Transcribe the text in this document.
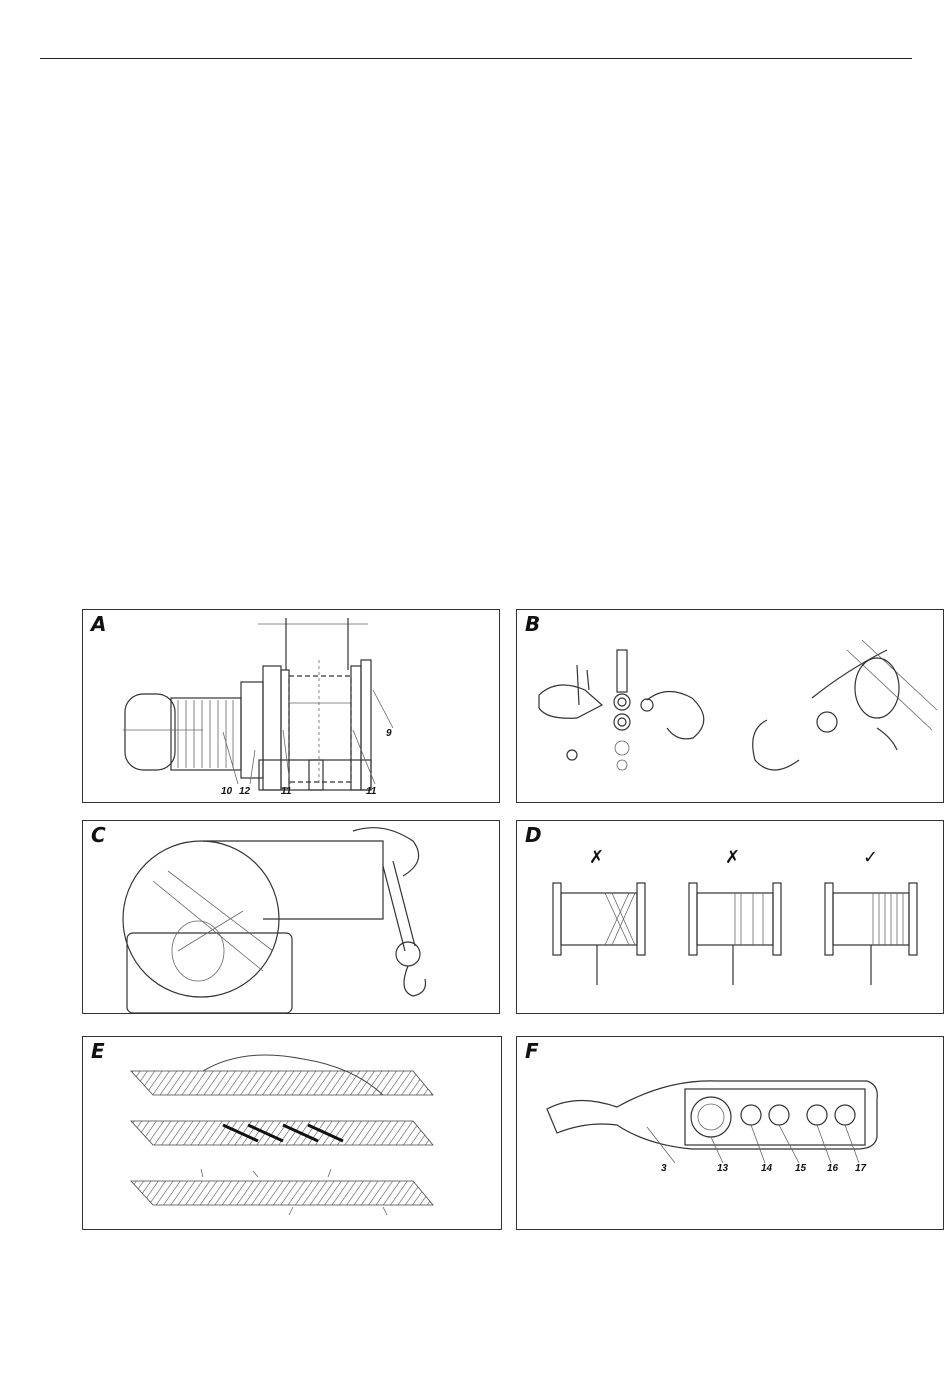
A
9
10 12	11	11
B
C	D
✗	✗	✓
E	F
3	13	14 15 16 17
